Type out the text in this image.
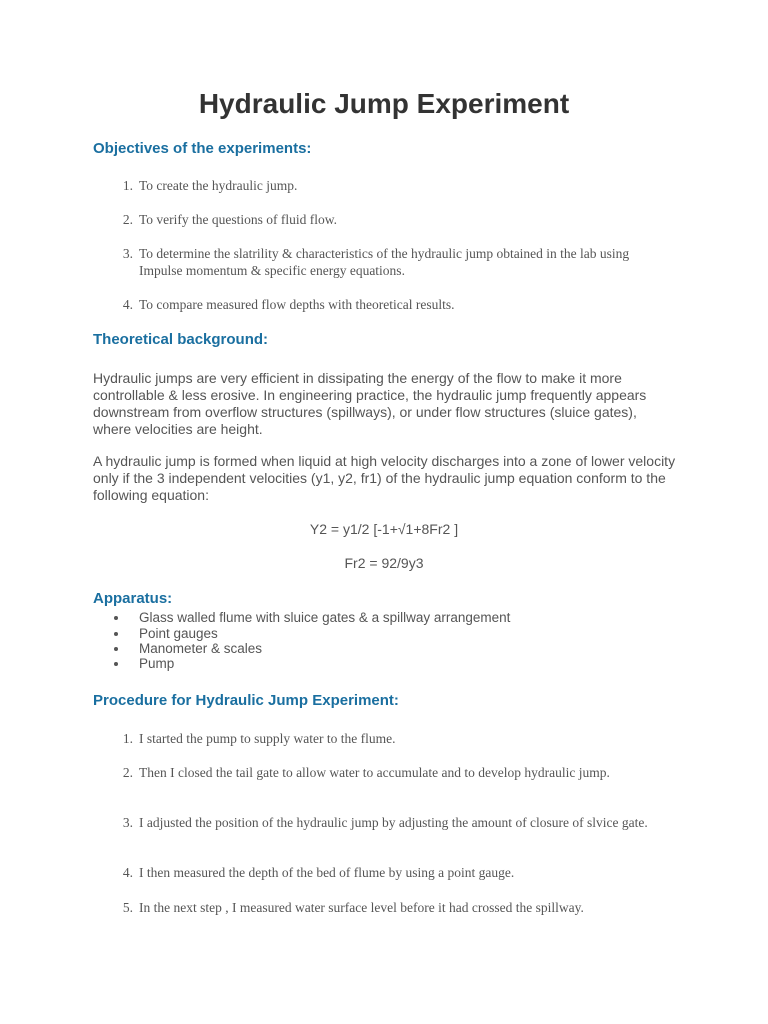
Hydraulic Jump Experiment
Objectives of the experiments:
1. To create the hydraulic jump.
2. To verify the questions of fluid flow.
3. To determine the slatrility & characteristics of the hydraulic jump obtained in the lab using Impulse momentum & specific energy equations.
4. To compare measured flow depths with theoretical results.
Theoretical background:

Hydraulic jumps are very efficient in dissipating the energy of the flow to make it more controllable & less erosive. In engineering practice, the hydraulic jump frequently appears downstream from overflow structures (spillways), or under flow structures (sluice gates), where velocities are height.

A hydraulic jump is formed when liquid at high velocity discharges into a zone of lower velocity only if the 3 independent velocities (y1, y2, fr1) of the hydraulic jump equation conform to the following equation:

Y2 = y1/2 [-1+√1+8Fr2 ]

Fr2 = 92/9y3

Apparatus:
Glass walled flume with sluice gates & a spillway arrangement
Point gauges
Manometer & scales
Pump
Procedure for Hydraulic Jump Experiment:
1. I started the pump to supply water to the flume.
2. Then I closed the tail gate to allow water to accumulate and to develop hydraulic jump.
3. I adjusted the position of the hydraulic jump by adjusting the amount of closure of slvice gate.
4. I then measured the depth of the bed of flume by using a point gauge.
5. In the next step , I measured water surface level before it had crossed the spillway.
